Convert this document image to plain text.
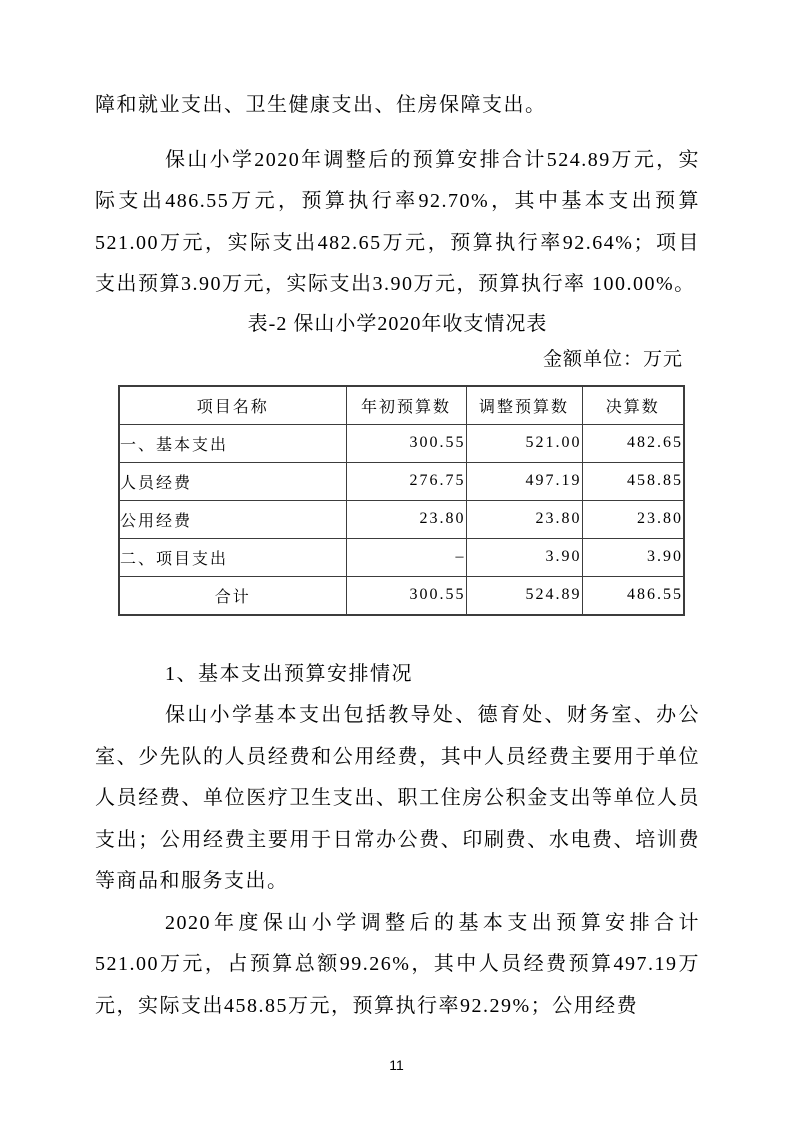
障和就业支出、卫生健康支出、住房保障支出。

保山小学2020年调整后的预算安排合计524.89万元，实际支出486.55万元，预算执行率92.70%，其中基本支出预算521.00万元，实际支出482.65万元，预算执行率92.64%；项目支出预算3.90万元，实际支出3.90万元，预算执行率 100.00%。

表-2 保山小学2020年收支情况表

金额单位：万元

项目名称	年初预算数	调整预算数	决算数
一、基本支出	300.55	521.00	482.65
人员经费	276.75	497.19	458.85
公用经费	23.80	23.80	23.80
二、项目支出	–	3.90	3.90
合计	300.55	524.89	486.55

1、基本支出预算安排情况

保山小学基本支出包括教导处、德育处、财务室、办公室、少先队的人员经费和公用经费，其中人员经费主要用于单位人员经费、单位医疗卫生支出、职工住房公积金支出等单位人员支出；公用经费主要用于日常办公费、印刷费、水电费、培训费等商品和服务支出。

2020年度保山小学调整后的基本支出预算安排合计521.00万元，占预算总额99.26%，其中人员经费预算497.19万元，实际支出458.85万元，预算执行率92.29%；公用经费

11
